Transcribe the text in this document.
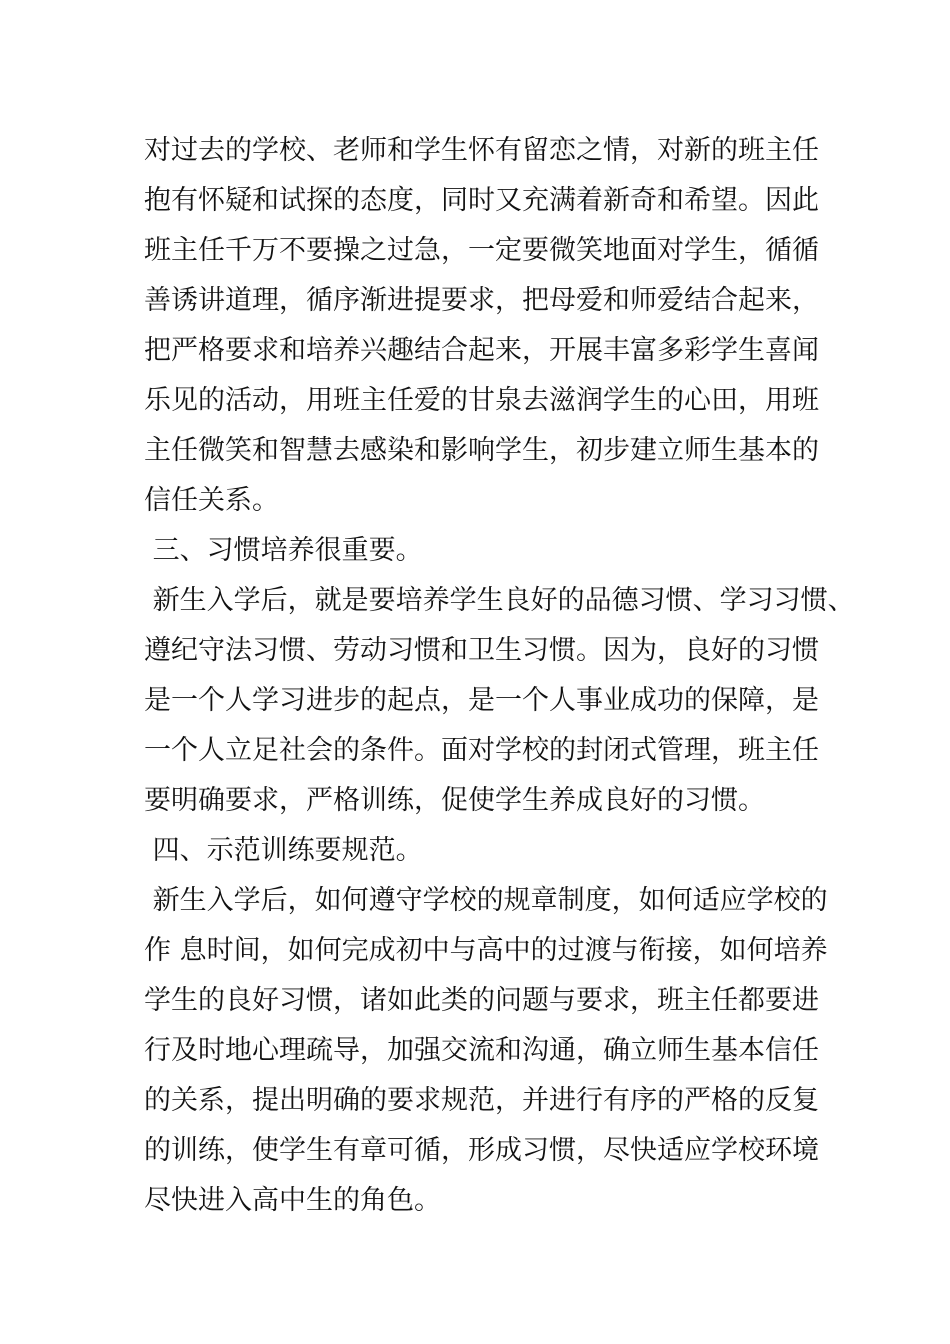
对过去的学校、老师和学生怀有留恋之情，对新的班主任
抱有怀疑和试探的态度，同时又充满着新奇和希望。因此
班主任千万不要操之过急，一定要微笑地面对学生，循循
善诱讲道理，循序渐进提要求，把母爱和师爱结合起来，
把严格要求和培养兴趣结合起来，开展丰富多彩学生喜闻
乐见的活动，用班主任爱的甘泉去滋润学生的心田，用班
主任微笑和智慧去感染和影响学生，初步建立师生基本的
信任关系。
三、习惯培养很重要。
新生入学后，就是要培养学生良好的品德习惯、学习习惯、
遵纪守法习惯、劳动习惯和卫生习惯。因为，良好的习惯
是一个人学习进步的起点，是一个人事业成功的保障，是
一个人立足社会的条件。面对学校的封闭式管理，班主任
要明确要求，严格训练，促使学生养成良好的习惯。
四、示范训练要规范。
新生入学后，如何遵守学校的规章制度，如何适应学校的
作 息时间，如何完成初中与高中的过渡与衔接，如何培养
学生的良好习惯，诸如此类的问题与要求，班主任都要进
行及时地心理疏导，加强交流和沟通，确立师生基本信任
的关系，提出明确的要求规范，并进行有序的严格的反复
的训练，使学生有章可循，形成习惯，尽快适应学校环境
尽快进入高中生的角色。
